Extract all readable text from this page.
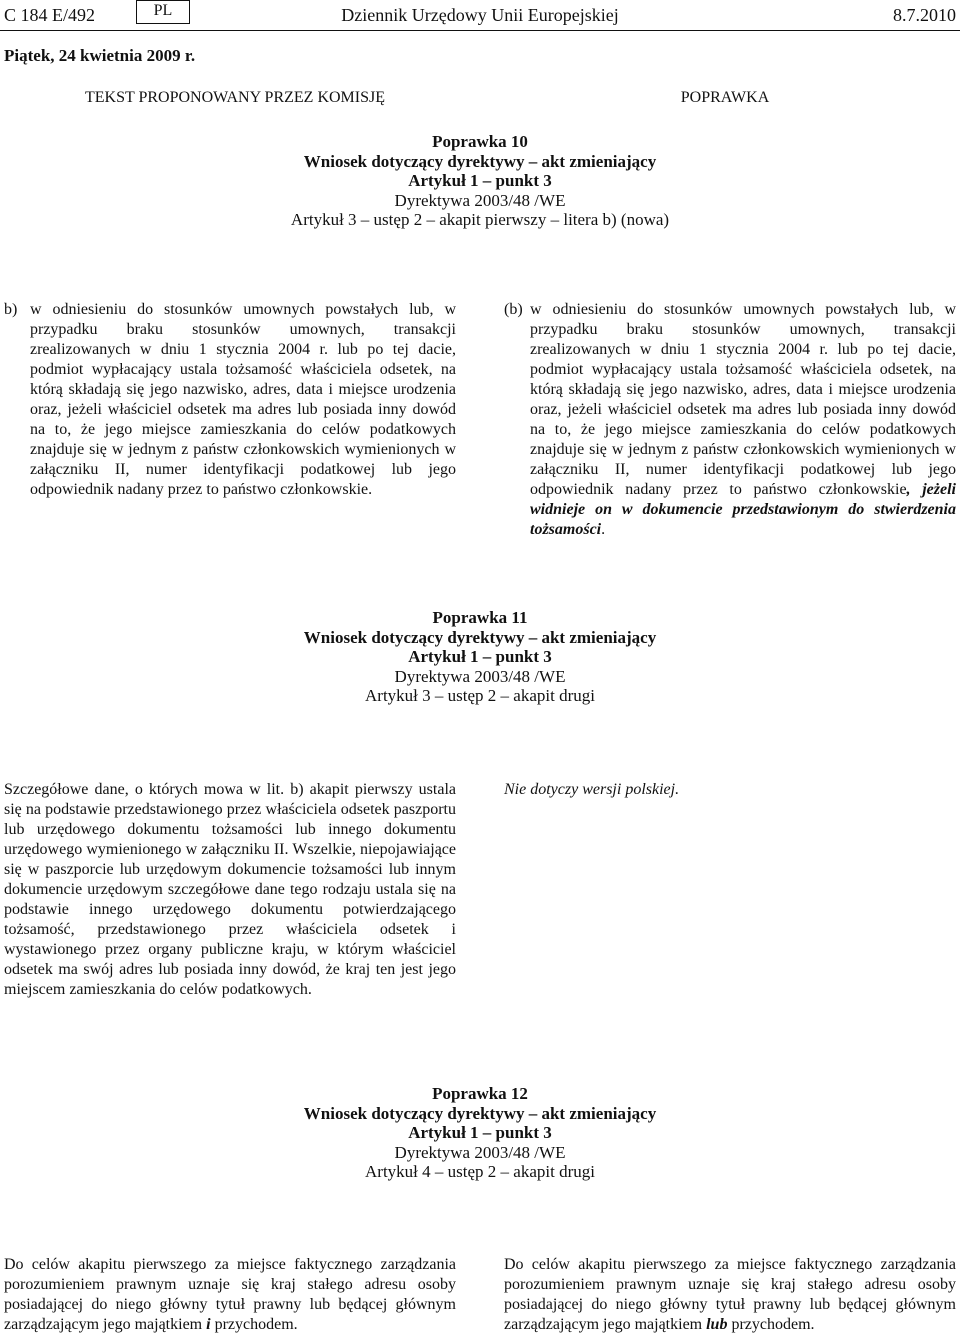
Dziennik Urzędowy Unii Europejskiej
C 184 E/492	PL	8.7.2010
Piątek, 24 kwietnia 2009 r.
TEKST PROPONOWANY PRZEZ KOMISJĘ	POPRAWKA
Poprawka 10
Wniosek dotyczący dyrektywy – akt zmieniający
Artykuł 1 – punkt 3
Dyrektywa 2003/48 /WE
Artykuł 3 – ustęp 2 – akapit pierwszy – litera b) (nowa)
b) w odniesieniu do stosunków umownych powstałych lub, w przypadku braku stosunków umownych, transakcji zrealizowanych w dniu 1 stycznia 2004 r. lub po tej dacie, podmiot wypłacający ustala tożsamość właściciela odsetek, na którą składają się jego nazwisko, adres, data i miejsce urodzenia oraz, jeżeli właściciel odsetek ma adres lub posiada inny dowód na to, że jego miejsce zamieszkania do celów podatkowych znajduje się w jednym z państw członkowskich wymienionych w załączniku II, numer identyfikacji podatkowej lub jego odpowiednik nadany przez to państwo członkowskie.
(b) w odniesieniu do stosunków umownych powstałych lub, w przypadku braku stosunków umownych, transakcji zrealizowanych w dniu 1 stycznia 2004 r. lub po tej dacie, podmiot wypłacający ustala tożsamość właściciela odsetek, na którą składają się jego nazwisko, adres, data i miejsce urodzenia oraz, jeżeli właściciel odsetek ma adres lub posiada inny dowód na to, że jego miejsce zamieszkania do celów podatkowych znajduje się w jednym z państw członkowskich wymienionych w załączniku II, numer identyfikacji podatkowej lub jego odpowiednik nadany przez to państwo członkowskie, jeżeli widnieje on w dokumencie przedstawionym do stwierdzenia tożsamości.
Poprawka 11
Wniosek dotyczący dyrektywy – akt zmieniający
Artykuł 1 – punkt 3
Dyrektywa 2003/48 /WE
Artykuł 3 – ustęp 2 – akapit drugi
Szczegółowe dane, o których mowa w lit. b) akapit pierwszy ustala się na podstawie przedstawionego przez właściciela odsetek paszportu lub urzędowego dokumentu tożsamości lub innego dokumentu urzędowego wymienionego w załączniku II. Wszelkie, niepojawiające się w paszporcie lub urzędowym dokumencie tożsamości lub innym dokumencie urzędowym szczegółowe dane tego rodzaju ustala się na podstawie innego urzędowego dokumentu potwierdzającego tożsamość, przedstawionego przez właściciela odsetek i wystawionego przez organy publiczne kraju, w którym właściciel odsetek ma swój adres lub posiada inny dowód, że kraj ten jest jego miejscem zamieszkania do celów podatkowych.
Nie dotyczy wersji polskiej.
Poprawka 12
Wniosek dotyczący dyrektywy – akt zmieniający
Artykuł 1 – punkt 3
Dyrektywa 2003/48 /WE
Artykuł 4 – ustęp 2 – akapit drugi
Do celów akapitu pierwszego za miejsce faktycznego zarządzania porozumieniem prawnym uznaje się kraj stałego adresu osoby posiadającej do niego główny tytuł prawny lub będącej głównym zarządzającym jego majątkiem i przychodem.
Do celów akapitu pierwszego za miejsce faktycznego zarządzania porozumieniem prawnym uznaje się kraj stałego adresu osoby posiadającej do niego główny tytuł prawny lub będącej głównym zarządzającym jego majątkiem lub przychodem.
